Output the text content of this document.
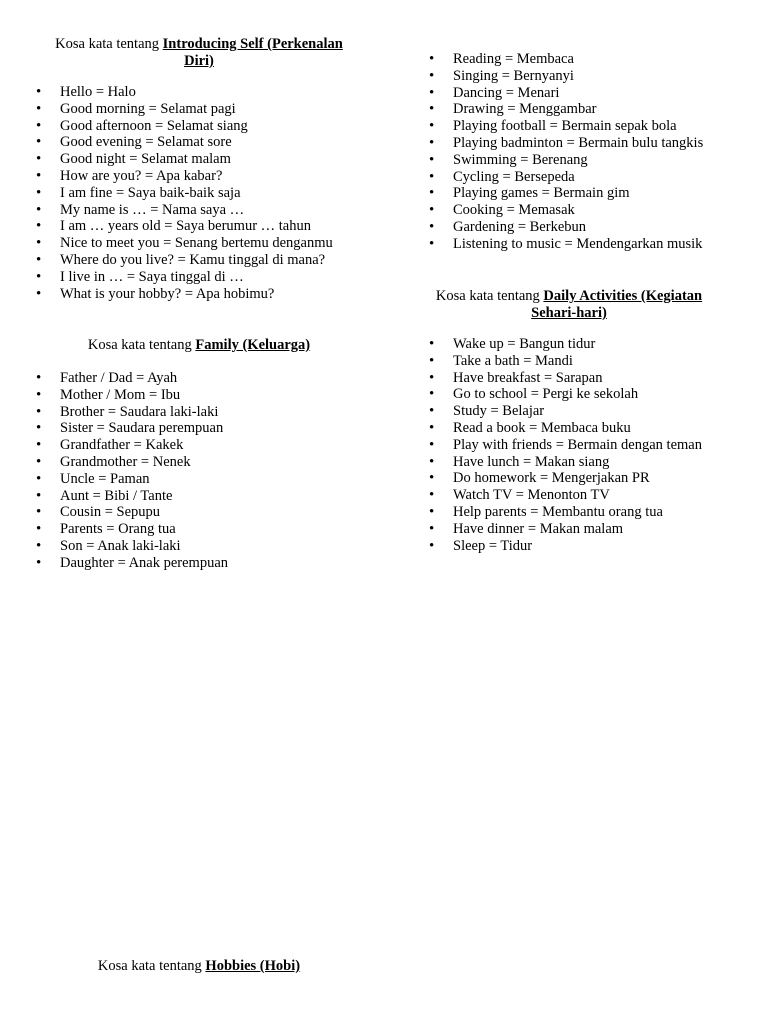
Kosa kata tentang Introducing Self (Perkenalan Diri)

• Hello = Halo
• Good morning = Selamat pagi
• Good afternoon = Selamat siang
• Good evening = Selamat sore
• Good night = Selamat malam
• How are you? = Apa kabar?
• I am fine = Saya baik-baik saja
• My name is … = Nama saya …
• I am … years old = Saya berumur … tahun
• Nice to meet you = Senang bertemu denganmu
• Where do you live? = Kamu tinggal di mana?
• I live in … = Saya tinggal di …
• What is your hobby? = Apa hobimu?

Kosa kata tentang Family (Keluarga)

• Father / Dad = Ayah
• Mother / Mom = Ibu
• Brother = Saudara laki-laki
• Sister = Saudara perempuan
• Grandfather = Kakek
• Grandmother = Nenek
• Uncle = Paman
• Aunt = Bibi / Tante
• Cousin = Sepupu
• Parents = Orang tua
• Son = Anak laki-laki
• Daughter = Anak perempuan

Kosa kata tentang Hobbies (Hobi)

• Reading = Membaca
• Singing = Bernyanyi
• Dancing = Menari
• Drawing = Menggambar
• Playing football = Bermain sepak bola
• Playing badminton = Bermain bulu tangkis
• Swimming = Berenang
• Cycling = Bersepeda
• Playing games = Bermain gim
• Cooking = Memasak
• Gardening = Berkebun
• Listening to music = Mendengarkan musik

Kosa kata tentang Daily Activities (Kegiatan Sehari-hari)

• Wake up = Bangun tidur
• Take a bath = Mandi
• Have breakfast = Sarapan
• Go to school = Pergi ke sekolah
• Study = Belajar
• Read a book = Membaca buku
• Play with friends = Bermain dengan teman
• Have lunch = Makan siang
• Do homework = Mengerjakan PR
• Watch TV = Menonton TV
• Help parents = Membantu orang tua
• Have dinner = Makan malam
• Sleep = Tidur
